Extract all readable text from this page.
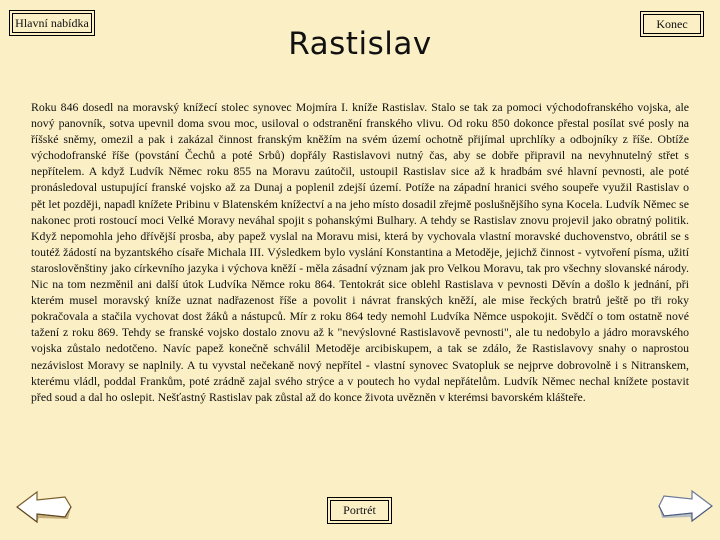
Hlavní nabídka	Konec
Rastislav

Roku 846 dosedl na moravský knížecí stolec synovec Mojmíra I. kníže Rastislav. Stalo se tak za pomoci východofranského vojska, ale nový panovník, sotva upevnil doma svou moc, usiloval o odstranění franského vlivu. Od roku 850 dokonce přestal posílat své posly na říšské sněmy, omezil a pak i zakázal činnost franským kněžím na svém území ochotně přijímal uprchlíky a odbojníky z říše. Obtíže východofranské říše (povstání Čechů a poté Srbů) dopřály Rastislavovi nutný čas, aby se dobře připravil na nevyhnutelný střet s nepřítelem. A když Ludvík Němec roku 855 na Moravu zaútočil, ustoupil Rastislav sice až k hradbám své hlavní pevnosti, ale poté pronásledoval ustupující franské vojsko až za Dunaj a poplenil zdejší území. Potíže na západní hranici svého soupeře využil Rastislav o pět let později, napadl knížete Pribinu v Blatenském knížectví a na jeho místo dosadil zřejmě poslušnějšího syna Kocela. Ludvík Němec se nakonec proti rostoucí moci Velké Moravy neváhal spojit s pohanskými Bulhary. A tehdy se Rastislav znovu projevil jako obratný politik. Když nepomohla jeho dřívější prosba, aby papež vyslal na Moravu misi, která by vychovala vlastní moravské duchovenstvo, obrátil se s toutéž žádostí na byzantského císaře Michala III. Výsledkem bylo vyslání Konstantina a Metoděje, jejichž činnost - vytvoření písma, užití staroslověnštiny jako církevního jazyka i výchova kněží - měla zásadní význam jak pro Velkou Moravu, tak pro všechny slovanské národy. Nic na tom nezměnil ani další útok Ludvíka Němce roku 864. Tentokrát sice oblehl Rastislava v pevnosti Děvín a došlo k jednání, při kterém musel moravský kníže uznat nadřazenost říše a povolit i návrat franských kněží, ale mise řeckých bratrů ještě po tři roky pokračovala a stačila vychovat dost žáků a nástupců. Mír z roku 864 tedy nemohl Ludvíka Němce uspokojit. Svědčí o tom ostatně nové tažení z roku 869. Tehdy se franské vojsko dostalo znovu až k "nevýslovné Rastislavově pevnosti", ale tu nedobylo a jádro moravského vojska zůstalo nedotčeno. Navíc papež konečně schválil Metoděje arcibiskupem, a tak se zdálo, že Rastislavovy snahy o naprostou nezávislost Moravy se naplnily. A tu vyvstal nečekaně nový nepřítel - vlastní synovec Svatopluk se nejprve dobrovolně i s Nitranskem, kterému vládl, poddal Frankům, poté zrádně zajal svého strýce a v poutech ho vydal nepřátelům. Ludvík Němec nechal knížete postavit před soud a dal ho oslepit. Nešťastný Rastislav pak zůstal až do konce života uvězněn v kterémsi bavorském klášteře.

Portrét
